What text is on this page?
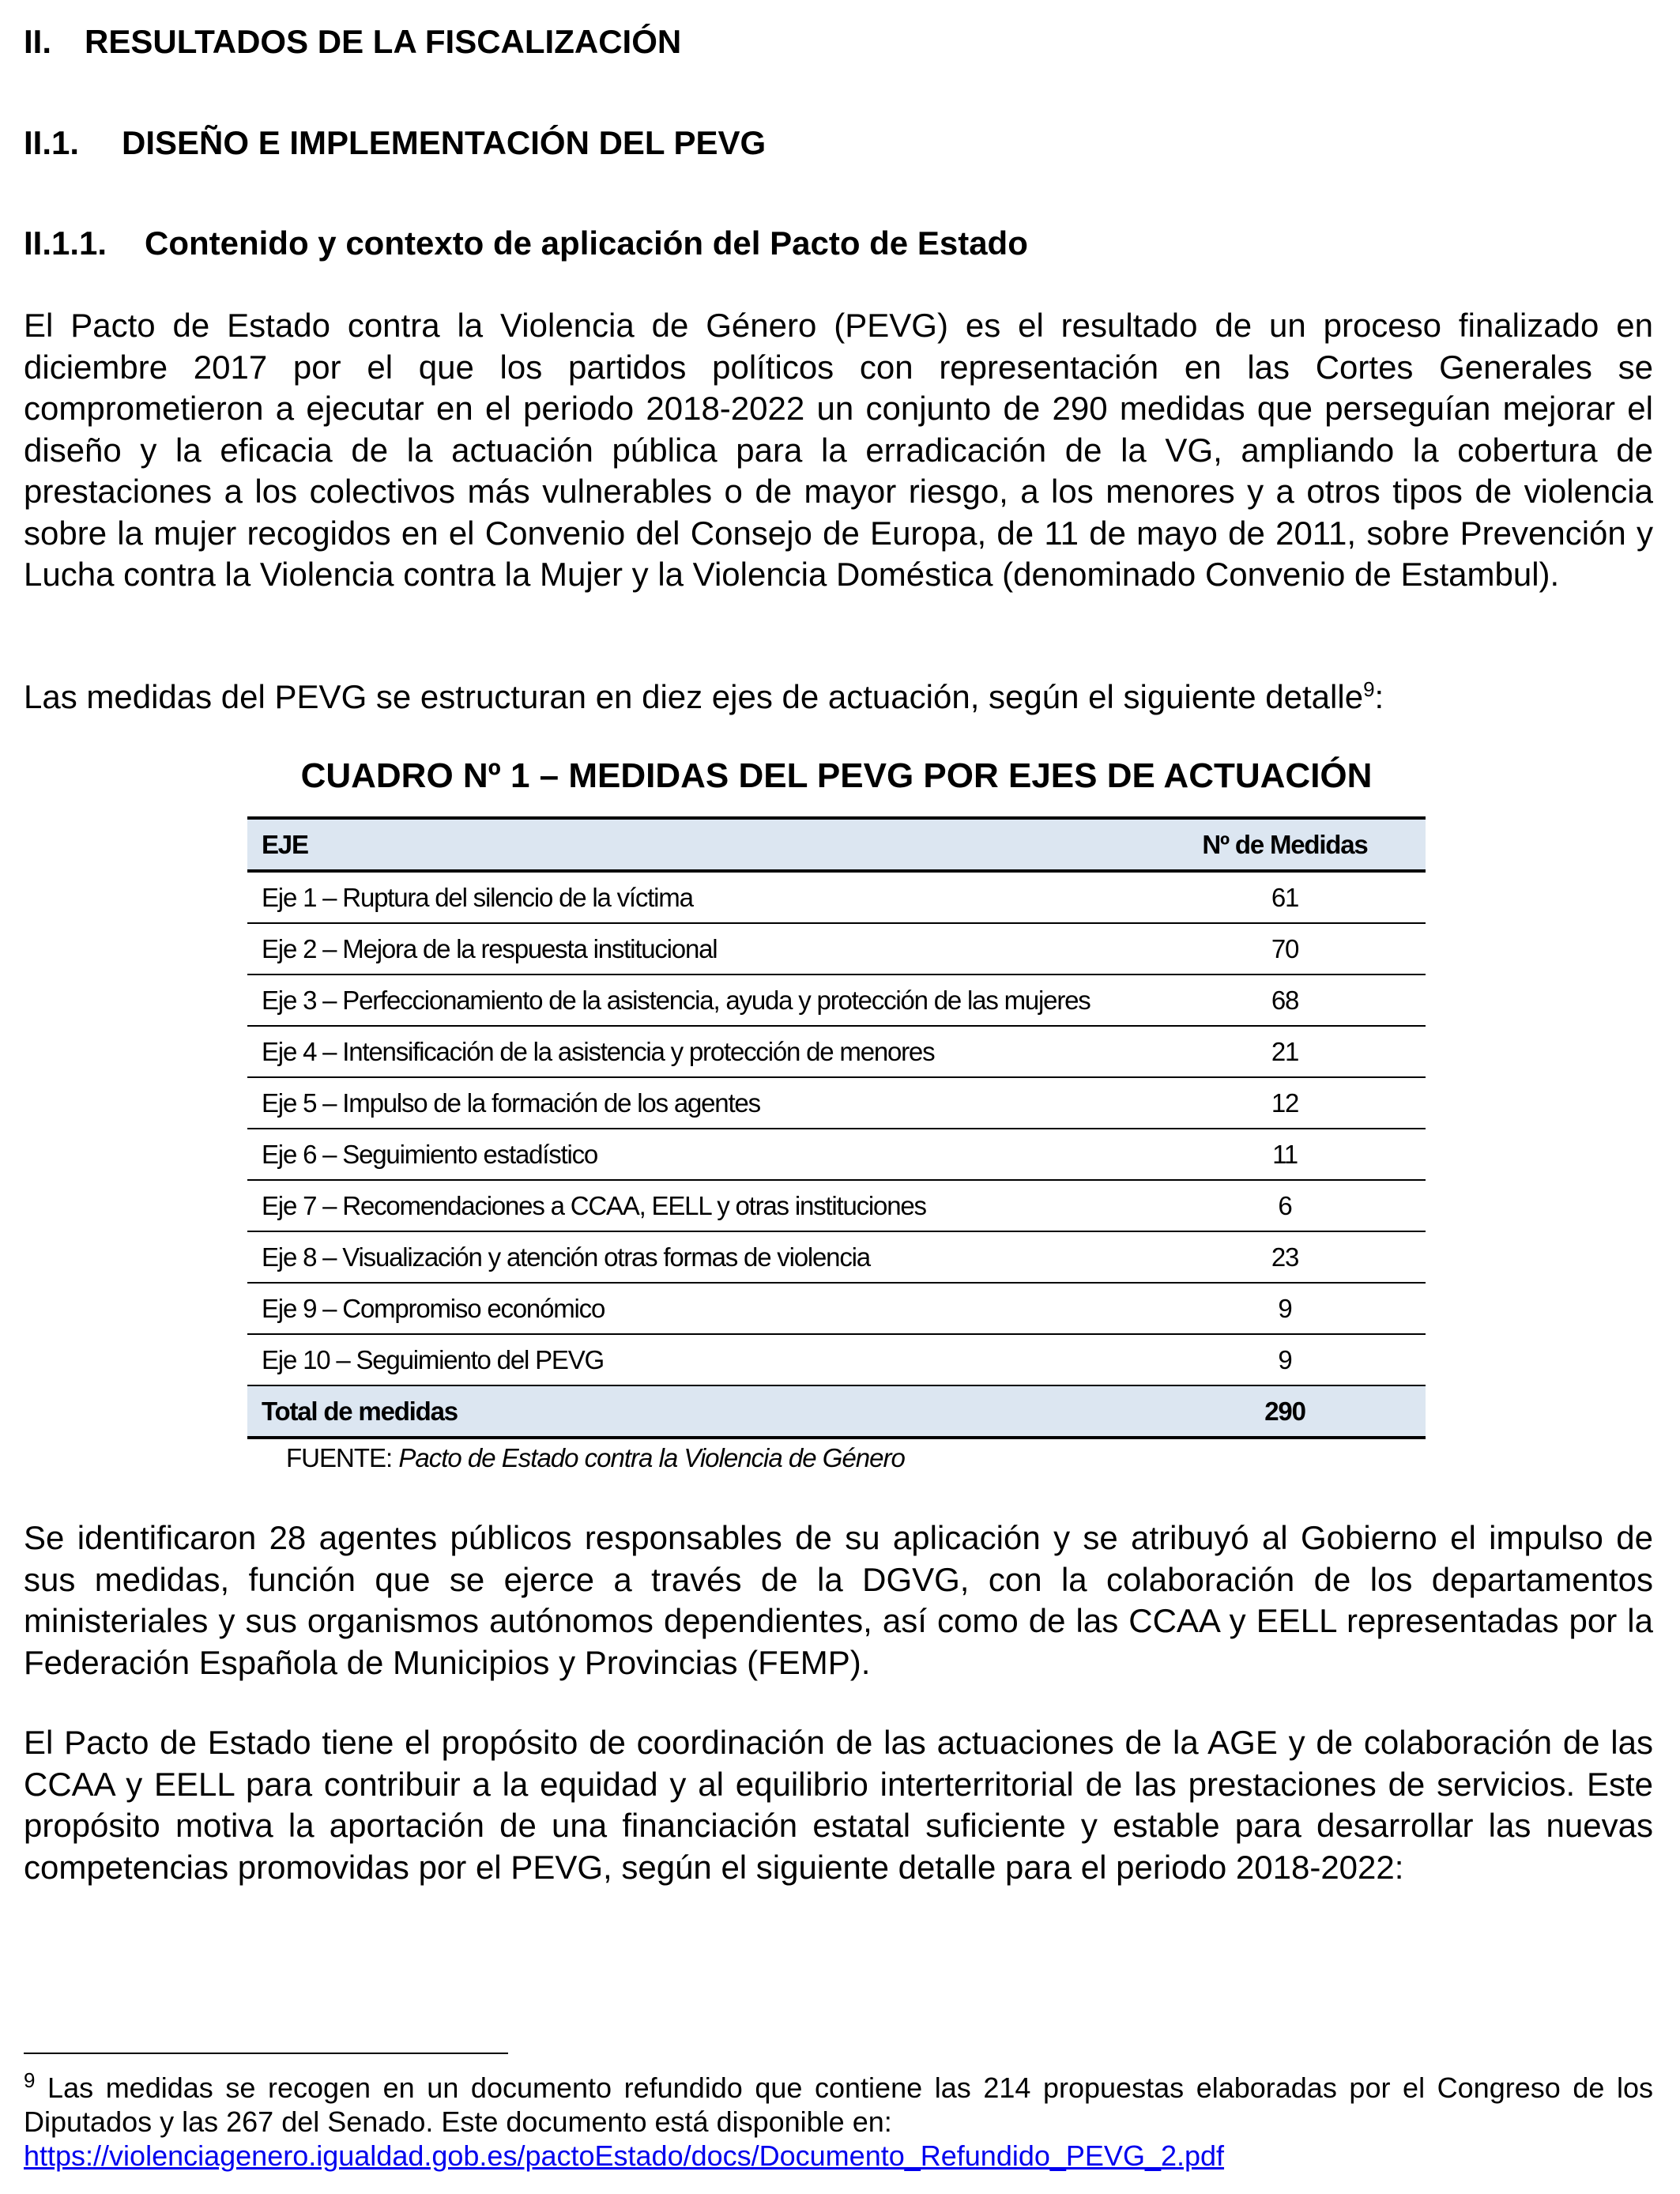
II. RESULTADOS DE LA FISCALIZACIÓN
II.1. DISEÑO E IMPLEMENTACIÓN DEL PEVG
II.1.1. Contenido y contexto de aplicación del Pacto de Estado
El Pacto de Estado contra la Violencia de Género (PEVG) es el resultado de un proceso finalizado en diciembre 2017 por el que los partidos políticos con representación en las Cortes Generales se comprometieron a ejecutar en el periodo 2018-2022 un conjunto de 290 medidas que perseguían mejorar el diseño y la eficacia de la actuación pública para la erradicación de la VG, ampliando la cobertura de prestaciones a los colectivos más vulnerables o de mayor riesgo, a los menores y a otros tipos de violencia sobre la mujer recogidos en el Convenio del Consejo de Europa, de 11 de mayo de 2011, sobre Prevención y Lucha contra la Violencia contra la Mujer y la Violencia Doméstica (denominado Convenio de Estambul).
Las medidas del PEVG se estructuran en diez ejes de actuación, según el siguiente detalle$^9$:
CUADRO Nº 1 – MEDIDAS DEL PEVG POR EJES DE ACTUACIÓN
EJE	Nº de Medidas
Eje 1 – Ruptura del silencio de la víctima	61
Eje 2 – Mejora de la respuesta institucional	70
Eje 3 – Perfeccionamiento de la asistencia, ayuda y protección de las mujeres	68
Eje 4 – Intensificación de la asistencia y protección de menores	21
Eje 5 – Impulso de la formación de los agentes	12
Eje 6 – Seguimiento estadístico	11
Eje 7 – Recomendaciones a CCAA, EELL y otras instituciones	6
Eje 8 – Visualización y atención otras formas de violencia	23
Eje 9 – Compromiso económico	9
Eje 10 – Seguimiento del PEVG	9
Total de medidas	290
FUENTE: Pacto de Estado contra la Violencia de Género
Se identificaron 28 agentes públicos responsables de su aplicación y se atribuyó al Gobierno el impulso de sus medidas, función que se ejerce a través de la DGVG, con la colaboración de los departamentos ministeriales y sus organismos autónomos dependientes, así como de las CCAA y EELL representadas por la Federación Española de Municipios y Provincias (FEMP).
El Pacto de Estado tiene el propósito de coordinación de las actuaciones de la AGE y de colaboración de las CCAA y EELL para contribuir a la equidad y al equilibrio interterritorial de las prestaciones de servicios. Este propósito motiva la aportación de una financiación estatal suficiente y estable para desarrollar las nuevas competencias promovidas por el PEVG, según el siguiente detalle para el periodo 2018-2022:
$^9$ Las medidas se recogen en un documento refundido que contiene las 214 propuestas elaboradas por el Congreso de los Diputados y las 267 del Senado. Este documento está disponible en:
https://violenciagenero.igualdad.gob.es/pactoEstado/docs/Documento_Refundido_PEVG_2.pdf
